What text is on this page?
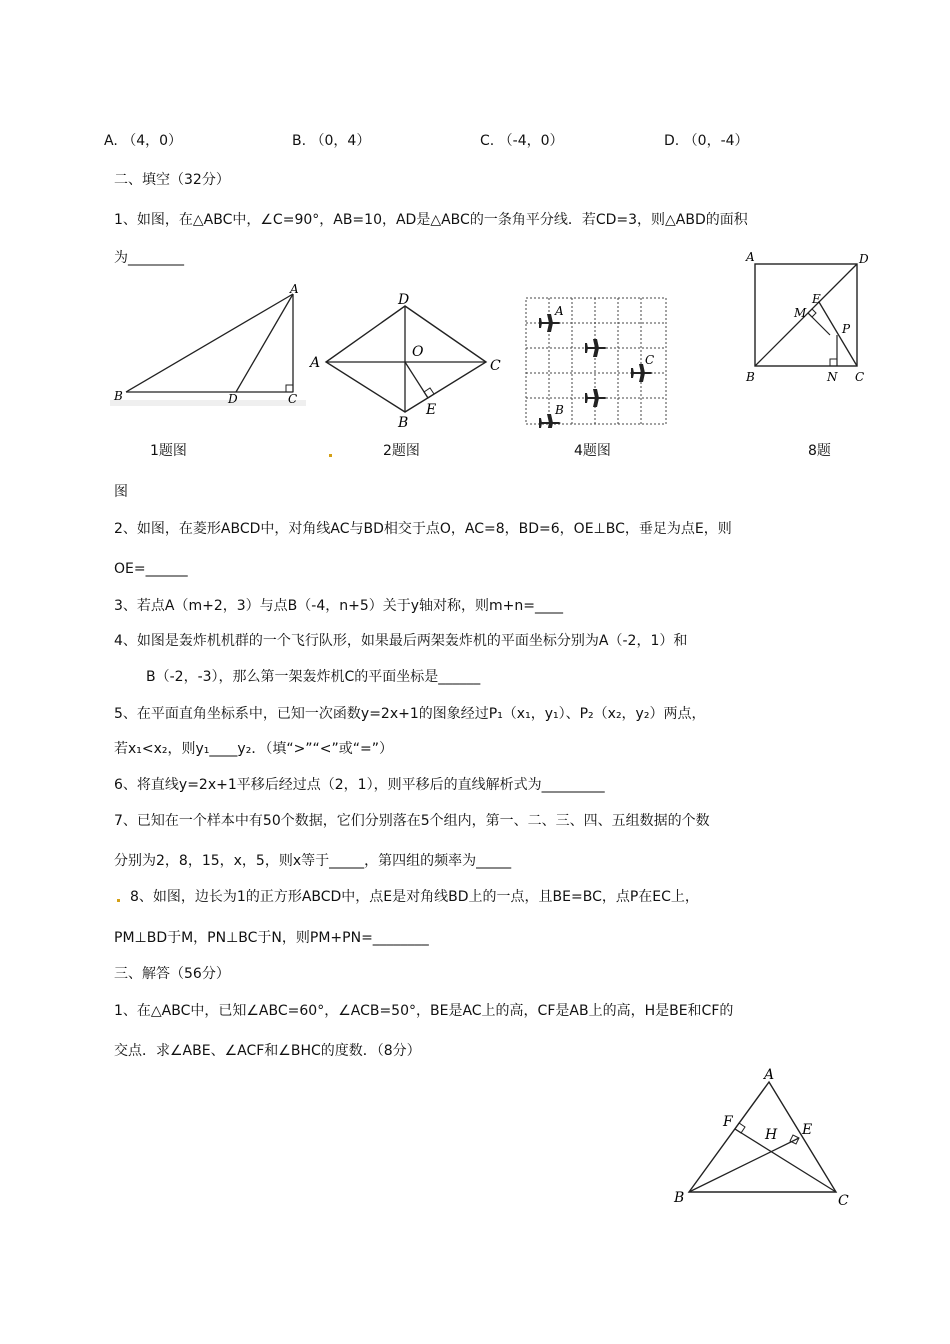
A. （4，0）	B. （0，4）	C. （-4，0）	D. （0，-4）
二、填空（32分）
1、如图，在△ABC中，∠C=90°，AB=10，AD是△ABC的一条角平分线．若CD=3，则△ABD的面积
为________
A
B	D	C
D
A
O
C
B
E
A
C
B
A	D
M
E
P
B	N C
1题图	2题图	4题图	8题
图
2、如图，在菱形ABCD中，对角线AC与BD相交于点O，AC=8，BD=6，OE⊥BC，垂足为点E，则
OE=______
3、若点A（m+2，3）与点B（-4，n+5）关于y轴对称，则m+n=____
4、如图是轰炸机机群的一个飞行队形，如果最后两架轰炸机的平面坐标分别为A（-2，1）和
B（-2，-3），那么第一架轰炸机C的平面坐标是______
5、在平面直角坐标系中，已知一次函数y=2x+1的图象经过P₁（x₁，y₁）、P₂（x₂，y₂）两点，
若x₁<x₂，则y₁____y₂．（填“>”“<”或“=”）
6、将直线y=2x+1平移后经过点（2，1），则平移后的直线解析式为_________
7、已知在一个样本中有50个数据，它们分别落在5个组内，第一、二、三、四、五组数据的个数
分别为2，8，15，x，5，则x等于_____，第四组的频率为_____
8、如图，边长为1的正方形ABCD中，点E是对角线BD上的一点，且BE=BC，点P在EC上，
PM⊥BD于M，PN⊥BC于N，则PM+PN=________
三、解答（56分）
1、在△ABC中，已知∠ABC=60°，∠ACB=50°，BE是AC上的高，CF是AB上的高，H是BE和CF的
交点．求∠ABE、∠ACF和∠BHC的度数．（8分）
A
F
H E
B	C
